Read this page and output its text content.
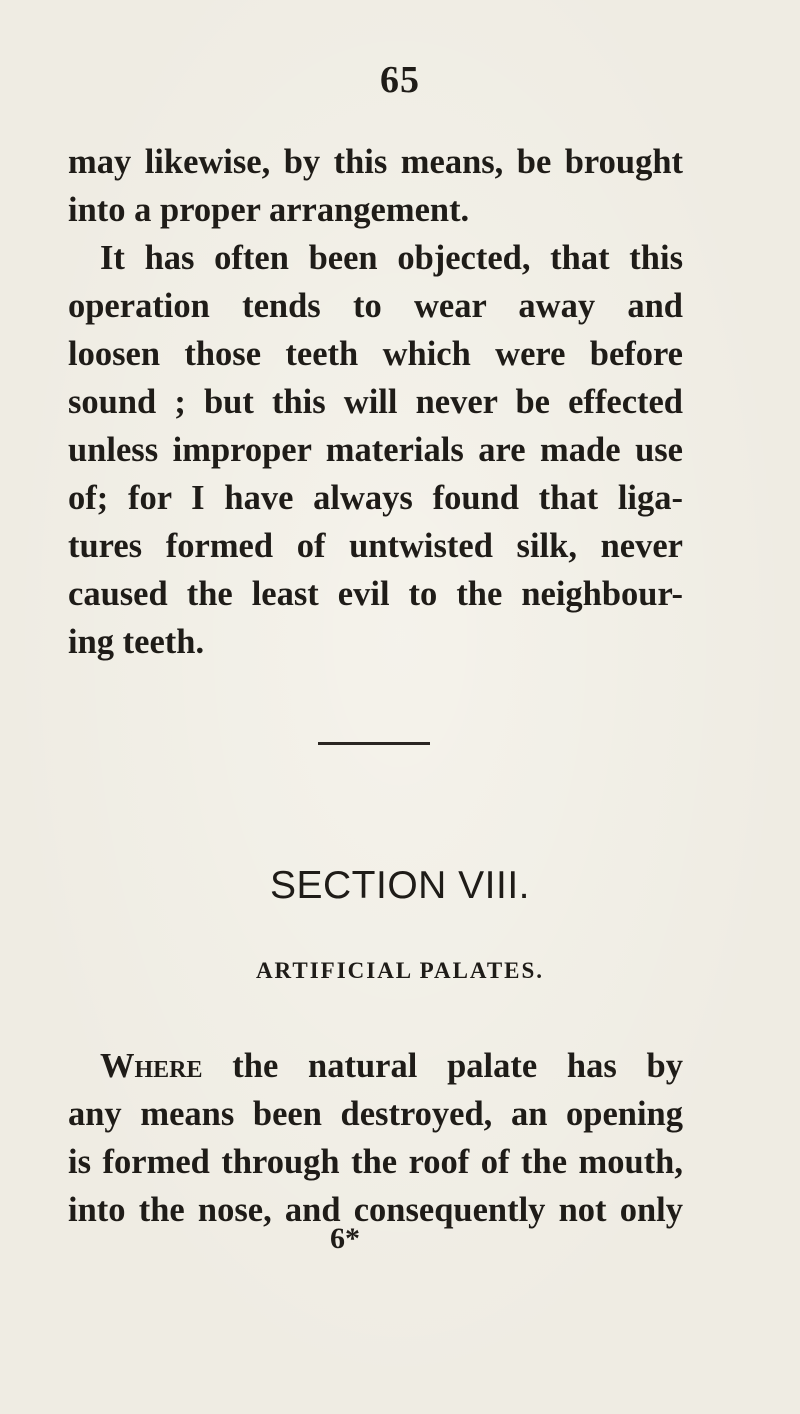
65
may likewise, by this means, be brought
into a proper arrangement.
It has often been objected, that this
operation tends to wear away and
loosen those teeth which were before
sound ; but this will never be effected
unless improper materials are made use
of; for I have always found that liga-
tures formed of untwisted silk, never
caused the least evil to the neighbour-
ing teeth.
SECTION VIII.
ARTIFICIAL PALATES.
Where the natural palate has by
any means been destroyed, an opening
is formed through the roof of the mouth,
into the nose, and consequently not only
6*
